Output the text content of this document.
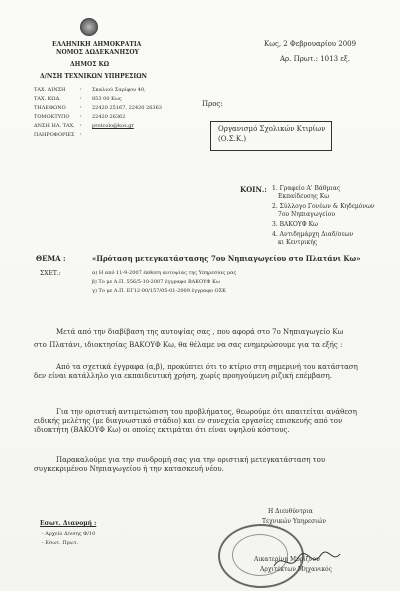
ΕΛΛΗΝΙΚΗ ΔΗΜΟΚΡΑΤΙΑ
ΝΟΜΟΣ ΔΩΔΕΚΑΝΗΣΟΥ
ΔΗΜΟΣ ΚΩ
Δ/ΝΣΗ ΤΕΧΝΙΚΩΝ ΥΠΗΡΕΣΙΩΝ
ΤΑΧ. ΔΙΝΣΗ
ΤΑΧ. ΚΩΔ.
ΤΗΛΕΦΩΝΟ
ΤΟΜΟΚΤΥΠΟ
ΔΝΣΗ ΗΛ. ΤΑΧ.
ΠΛΗΡΟΦΟΡΙΕΣ
:
:
:
:
:
:
Σκαλιού Σαρίφου 40,
853 00 Κως
22420 25167, 22420 26363
22420 26362
protcolo@kos.gr
Κως, 2 Φεβρουαρίου 2009
Αρ. Πρωτ.: 1013 εξ.
Προς:
Οργανισμό Σχολικών Κτιρίων
(Ο.Σ.Κ.)
ΚΟΙΝ.: 1. Γραφείο Α' Βάθμιας
Εκπαίδευσης Κω
2. Σύλλογο Γονέων & Κηδεμόνων
7ου Νηπιαγωγείου
3. ΒΑΚΟΥΦ Κω
4. Αντιδημάρχη Διαδ/σεων
κι Κεντρικής
ΘΕΜΑ :	«Πρόταση μετεγκατάστασης 7ου Νηπιαγωγείου στο Πλατάνι Κω»
ΣΧΕΤ.:	α) Η από 11-9-2007 έκθεση αυτοψίας της Υπηρεσίας μας
β) Το με Α.Π. 556/5-10-2007 έγγραφο ΒΑΚΟΥΦ Κω
γ) Το με Α.Π. ΕΓ12-00/157/05-01-2009 έγγραφο ΟΣΚ
Μετά από την διαβίβαση της αυτοψίας σας , που αφορά στο 7ο Νηπιαγωγείο Κω
στο Πλατάνι, ιδιοκτησίας ΒΑΚΟΥΦ Κω, θα θέλαμε να σας ενημερώσουμε για τα εξής :
Από τα σχετικά έγγραφα (α,β), προκύπτει ότι το κτίριο στη σημερινή του κατάσταση δεν είναι κατάλληλο για εκπαιδευτική χρήση, χωρίς προηγούμενη ριζική επέμβαση.
Για την οριστική αντιμετώπιση του προβλήματος, θεωρούμε ότι απαιτείται ανάθεση ειδικής μελέτης (με διαγνωστικό στάδιο) και εν συνεχεία εργασίες επισκευής από τον ιδιοκτήτη (ΒΑΚΟΥΦ Κω) οι οποίες εκτιμάται ότι είναι υψηλού κόστους.
Παρακαλούμε για την συνδρομή σας για την οριστική μετεγκατάσταση του συγκεκριμένου Νηπιαγωγείου ή την κατασκευή νέου.
Η Διευθύντρια
Τεχνικών Υπηρεσιών
Αικατερίνη Μυρίζνου
Αρχιτέκτων Μηχανικός
Εσωτ. Διανομή :
- Αρχείο Δ/νσης Φ/10
- Εσωτ. Πρωτ.
